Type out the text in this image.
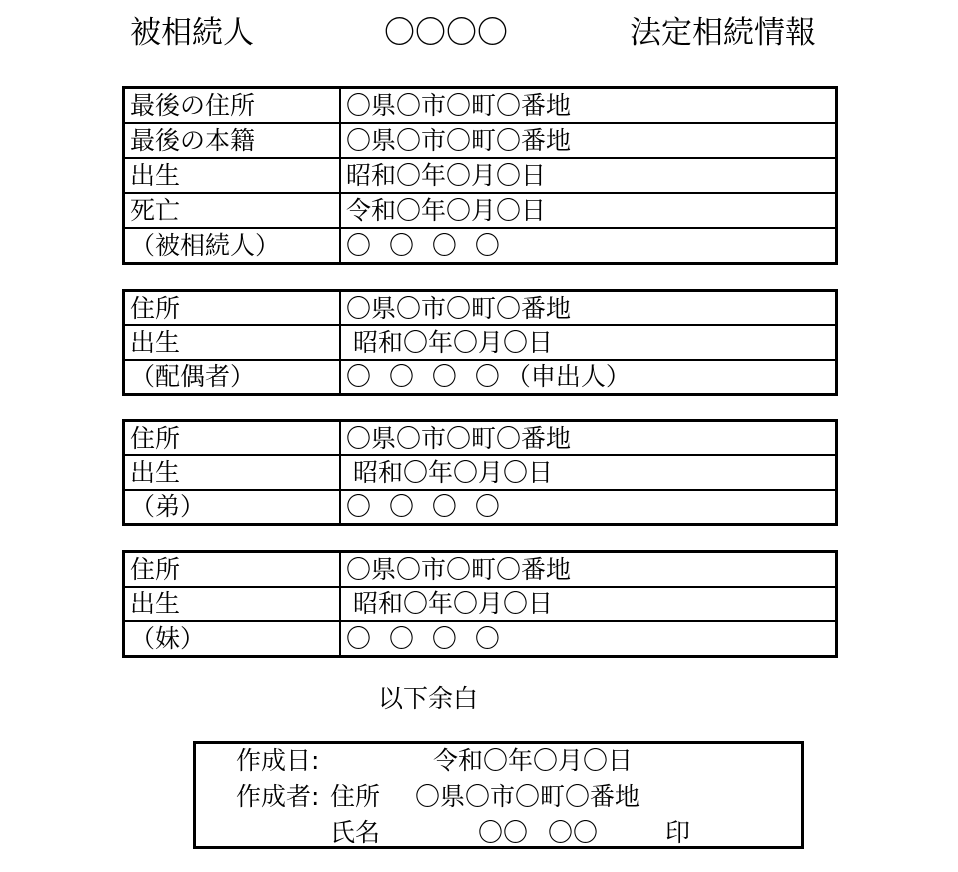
被相続人	〇〇〇〇	法定相続情報
最後の住所	〇県〇市〇町〇番地
最後の本籍	〇県〇市〇町〇番地
出生	昭和〇年〇月〇日
死亡	令和〇年〇月〇日
（被相続人）	〇 〇 〇 〇
住所	〇県〇市〇町〇番地
出生	昭和〇年〇月〇日
（配偶者）	〇 〇 〇 〇 （申出人）
住所	〇県〇市〇町〇番地
出生	昭和〇年〇月〇日
（弟）	〇 〇 〇 〇
住所	〇県〇市〇町〇番地
出生	昭和〇年〇月〇日
（妹）	〇 〇 〇 〇
以下余白
作成日:	令和〇年〇月〇日
作成者: 住所 〇県〇市〇町〇番地
氏名	〇〇 〇〇	印
